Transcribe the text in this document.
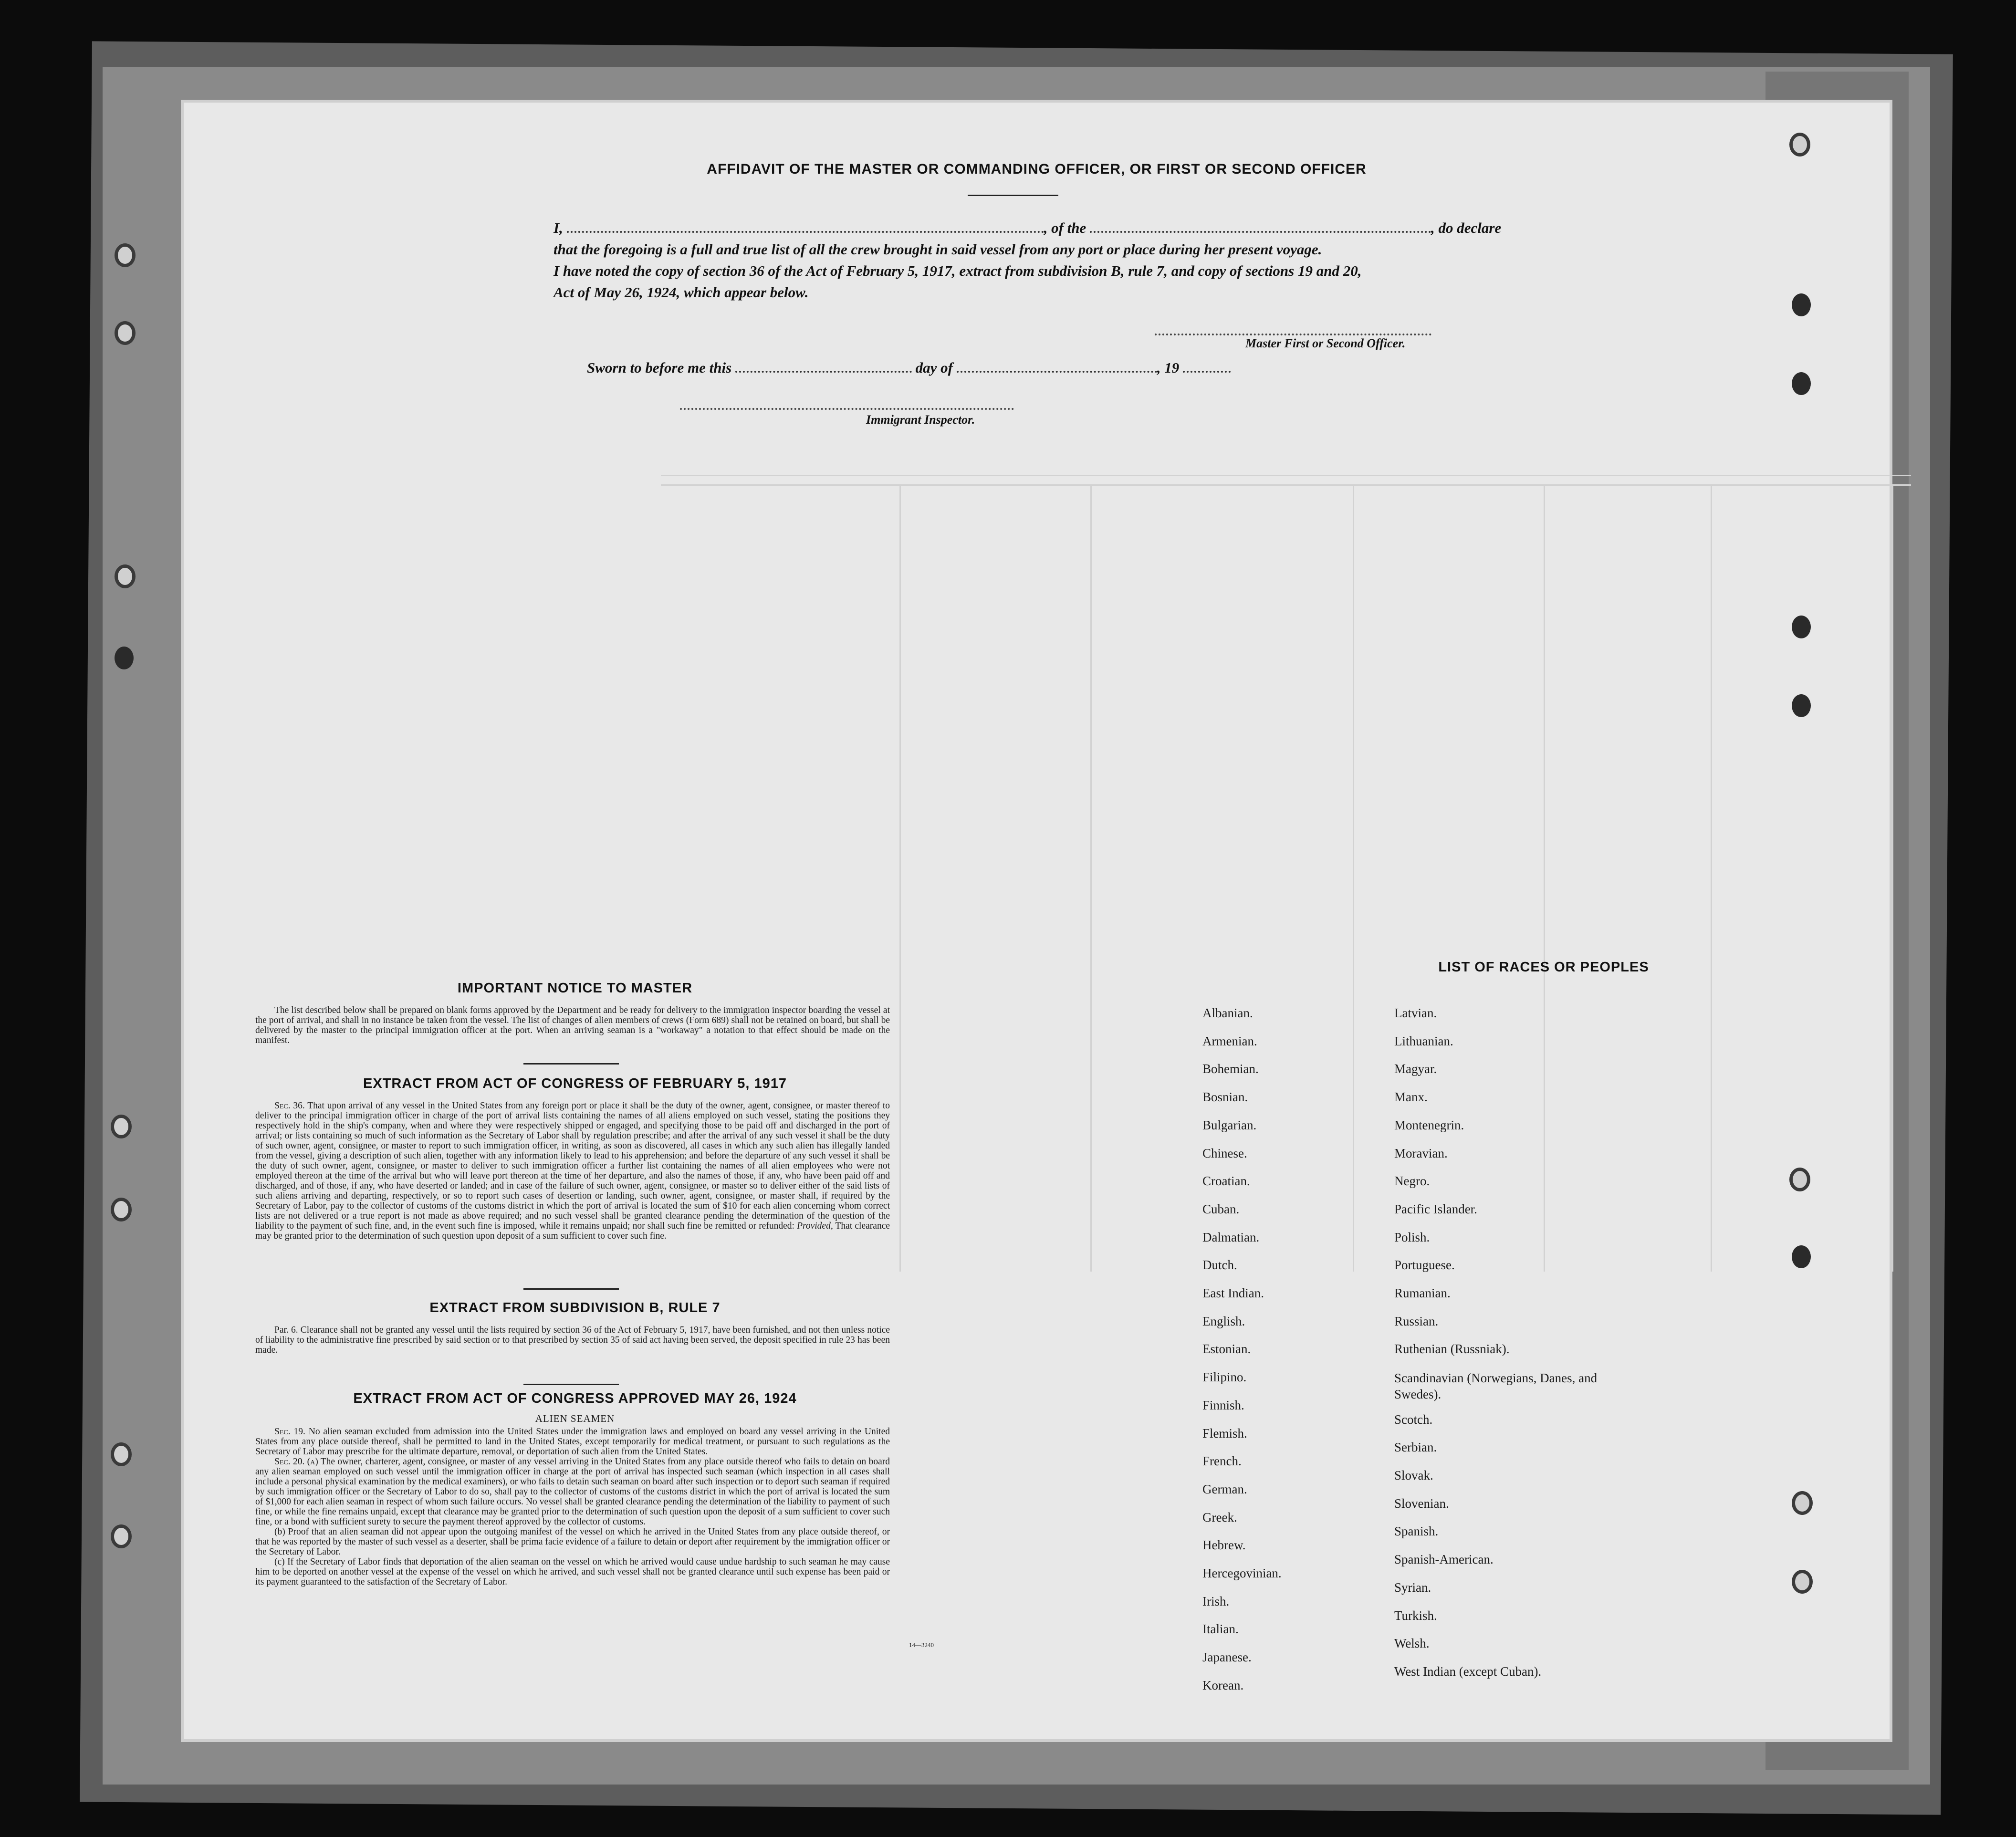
AFFIDAVIT OF THE MASTER OR COMMANDING OFFICER, OR FIRST OR SECOND OFFICER
I,	, of the	, do declare
that the foregoing is a full and true list of all the crew brought in said vessel from any port or place during her present voyage.
I have noted the copy of section 36 of the Act of February 5, 1917, extract from subdivision B, rule 7, and copy of sections 19 and 20,
Act of May 26, 1924, which appear below.
Master First or Second Officer.
Sworn to before me this	day of	, 19
Immigrant Inspector.
IMPORTANT NOTICE TO MASTER

The list described below shall be prepared on blank forms approved by the Department and be ready for delivery to the immigration inspector boarding the vessel at the port of arrival, and shall in no instance be taken from the vessel. The list of changes of alien members of crews (Form 689) shall not be retained on board, but shall be delivered by the master to the principal immigration officer at the port. When an arriving seaman is a "workaway" a notation to that effect should be made on the manifest.

EXTRACT FROM ACT OF CONGRESS OF FEBRUARY 5, 1917

Sec. 36. That upon arrival of any vessel in the United States from any foreign port or place it shall be the duty of the owner, agent, consignee, or master thereof to deliver to the principal immigration officer in charge of the port of arrival lists containing the names of all aliens employed on such vessel, stating the positions they respectively hold in the ship's company, when and where they were respectively shipped or engaged, and specifying those to be paid off and discharged in the port of arrival; or lists containing so much of such information as the Secretary of Labor shall by regulation prescribe; and after the arrival of any such vessel it shall be the duty of such owner, agent, consignee, or master to report to such immigration officer, in writing, as soon as discovered, all cases in which any such alien has illegally landed from the vessel, giving a description of such alien, together with any information likely to lead to his apprehension; and before the departure of any such vessel it shall be the duty of such owner, agent, consignee, or master to deliver to such immigration officer a further list containing the names of all alien employees who were not employed thereon at the time of the arrival but who will leave port thereon at the time of her departure, and also the names of those, if any, who have been paid off and discharged, and of those, if any, who have deserted or landed; and in case of the failure of such owner, agent, consignee, or master so to deliver either of the said lists of such aliens arriving and departing, respectively, or so to report such cases of desertion or landing, such owner, agent, consignee, or master shall, if required by the Secretary of Labor, pay to the collector of customs of the customs district in which the port of arrival is located the sum of $10 for each alien concerning whom correct lists are not delivered or a true report is not made as above required; and no such vessel shall be granted clearance pending the determination of the question of the liability to the payment of such fine, and, in the event such fine is imposed, while it remains unpaid; nor shall such fine be remitted or refunded: Provided, That clearance may be granted prior to the determination of such question upon deposit of a sum sufficient to cover such fine.

EXTRACT FROM SUBDIVISION B, RULE 7

Par. 6. Clearance shall not be granted any vessel until the lists required by section 36 of the Act of February 5, 1917, have been furnished, and not then unless notice of liability to the administrative fine prescribed by said section or to that prescribed by section 35 of said act having been served, the deposit specified in rule 23 has been made.

EXTRACT FROM ACT OF CONGRESS APPROVED MAY 26, 1924
ALIEN SEAMEN

Sec. 19. No alien seaman excluded from admission into the United States under the immigration laws and employed on board any vessel arriving in the United States from any place outside thereof, shall be permitted to land in the United States, except temporarily for medical treatment, or pursuant to such regulations as the Secretary of Labor may prescribe for the ultimate departure, removal, or deportation of such alien from the United States.

Sec. 20. (a) The owner, charterer, agent, consignee, or master of any vessel arriving in the United States from any place outside thereof who fails to detain on board any alien seaman employed on such vessel until the immigration officer in charge at the port of arrival has inspected such seaman (which inspection in all cases shall include a personal physical examination by the medical examiners), or who fails to detain such seaman on board after such inspection or to deport such seaman if required by such immigration officer or the Secretary of Labor to do so, shall pay to the collector of customs of the customs district in which the port of arrival is located the sum of $1,000 for each alien seaman in respect of whom such failure occurs. No vessel shall be granted clearance pending the determination of the liability to payment of such fine, or while the fine remains unpaid, except that clearance may be granted prior to the determination of such question upon the deposit of a sum sufficient to cover such fine, or a bond with sufficient surety to secure the payment thereof approved by the collector of customs.

(b) Proof that an alien seaman did not appear upon the outgoing manifest of the vessel on which he arrived in the United States from any place outside thereof, or that he was reported by the master of such vessel as a deserter, shall be prima facie evidence of a failure to detain or deport after requirement by the immigration officer or the Secretary of Labor.

(c) If the Secretary of Labor finds that deportation of the alien seaman on the vessel on which he arrived would cause undue hardship to such seaman he may cause him to be deported on another vessel at the expense of the vessel on which he arrived, and such vessel shall not be granted clearance until such expense has been paid or its payment guaranteed to the satisfaction of the Secretary of Labor.

14—3240
LIST OF RACES OR PEOPLES
Albanian.
Armenian.
Bohemian.
Bosnian.
Bulgarian.
Chinese.
Croatian.
Cuban.
Dalmatian.
Dutch.
East Indian.
English.
Estonian.
Filipino.
Finnish.
Flemish.
French.
German.
Greek.
Hebrew.
Hercegovinian.
Irish.
Italian.
Japanese.
Korean.
Latvian.
Lithuanian.
Magyar.
Manx.
Montenegrin.
Moravian.
Negro.
Pacific Islander.
Polish.
Portuguese.
Rumanian.
Russian.
Ruthenian (Russniak).
Scandinavian (Norwegians, Danes, and Swedes).
Scotch.
Serbian.
Slovak.
Slovenian.
Spanish.
Spanish-American.
Syrian.
Turkish.
Welsh.
West Indian (except Cuban).
